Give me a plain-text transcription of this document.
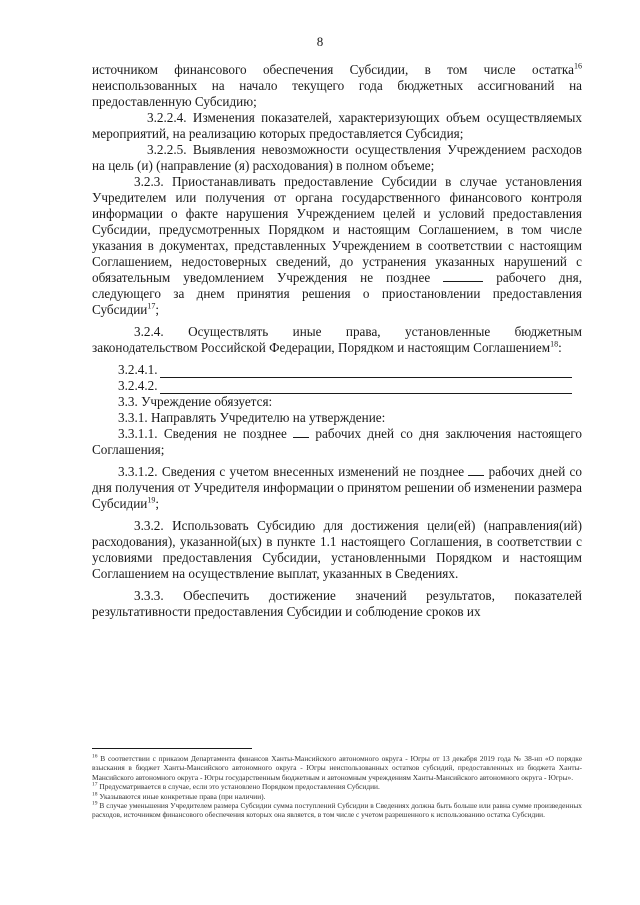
8

источником финансового обеспечения Субсидии, в том числе остатка$^{16}$ неиспользованных на начало текущего года бюджетных ассигнований на предоставленную Субсидию;

3.2.2.4. Изменения показателей, характеризующих объем осуществляемых мероприятий, на реализацию которых предоставляется Субсидия;

3.2.2.5. Выявления невозможности осуществления Учреждением расходов на цель (и) (направление (я) расходования) в полном объеме;

3.2.3. Приостанавливать предоставление Субсидии в случае установления Учредителем или получения от органа государственного финансового контроля информации о факте нарушения Учреждением целей и условий предоставления Субсидии, предусмотренных Порядком и настоящим Соглашением, в том числе указания в документах, представленных Учреждением в соответствии с настоящим Соглашением, недостоверных сведений, до устранения указанных нарушений с обязательным уведомлением Учреждения не позднее	рабочего дня, следующего за днем принятия решения о приостановлении предоставления Субсидии$^{17}$;

3.2.4. Осуществлять иные права, установленные бюджетным законодательством Российской Федерации, Порядком и настоящим Соглашением$^{18}$:

3.2.4.1.
3.2.4.2.

3.3. Учреждение обязуется:

3.3.1. Направлять Учредителю на утверждение:

3.3.1.1. Сведения не позднее рабочих дней со дня заключения настоящего Соглашения;

3.3.1.2. Сведения с учетом внесенных изменений не позднее рабочих дней со дня получения от Учредителя информации о принятом решении об изменении размера Субсидии$^{19}$;

3.3.2. Использовать Субсидию для достижения цели(ей) (направления(ий) расходования), указанной(ых) в пункте 1.1 настоящего Соглашения, в соответствии с условиями предоставления Субсидии, установленными Порядком и настоящим Соглашением на осуществление выплат, указанных в Сведениях.

3.3.3. Обеспечить достижение значений результатов, показателей результативности предоставления Субсидии и соблюдение сроков их

$^{16}$ В соответствии с приказом Департамента финансов Ханты-Мансийского автономного округа - Югры от 13 декабря 2019 года № 38-нп «О порядке взыскания в бюджет Ханты-Мансийского автономного округа - Югры неиспользованных остатков субсидий, предоставленных из бюджета Ханты-Мансийского автономного округа - Югры государственным бюджетным и автономным учреждениям Ханты-Мансийского автономного округа - Югры».

$^{17}$ Предусматривается в случае, если это установлено Порядком предоставления Субсидии.

$^{18}$ Указываются иные конкретные права (при наличии).

$^{19}$ В случае уменьшения Учредителем размера Субсидии сумма поступлений Субсидии в Сведениях должна быть больше или равна сумме произведенных расходов, источником финансового обеспечения которых она является, в том числе с учетом разрешенного к использованию остатка Субсидии.
